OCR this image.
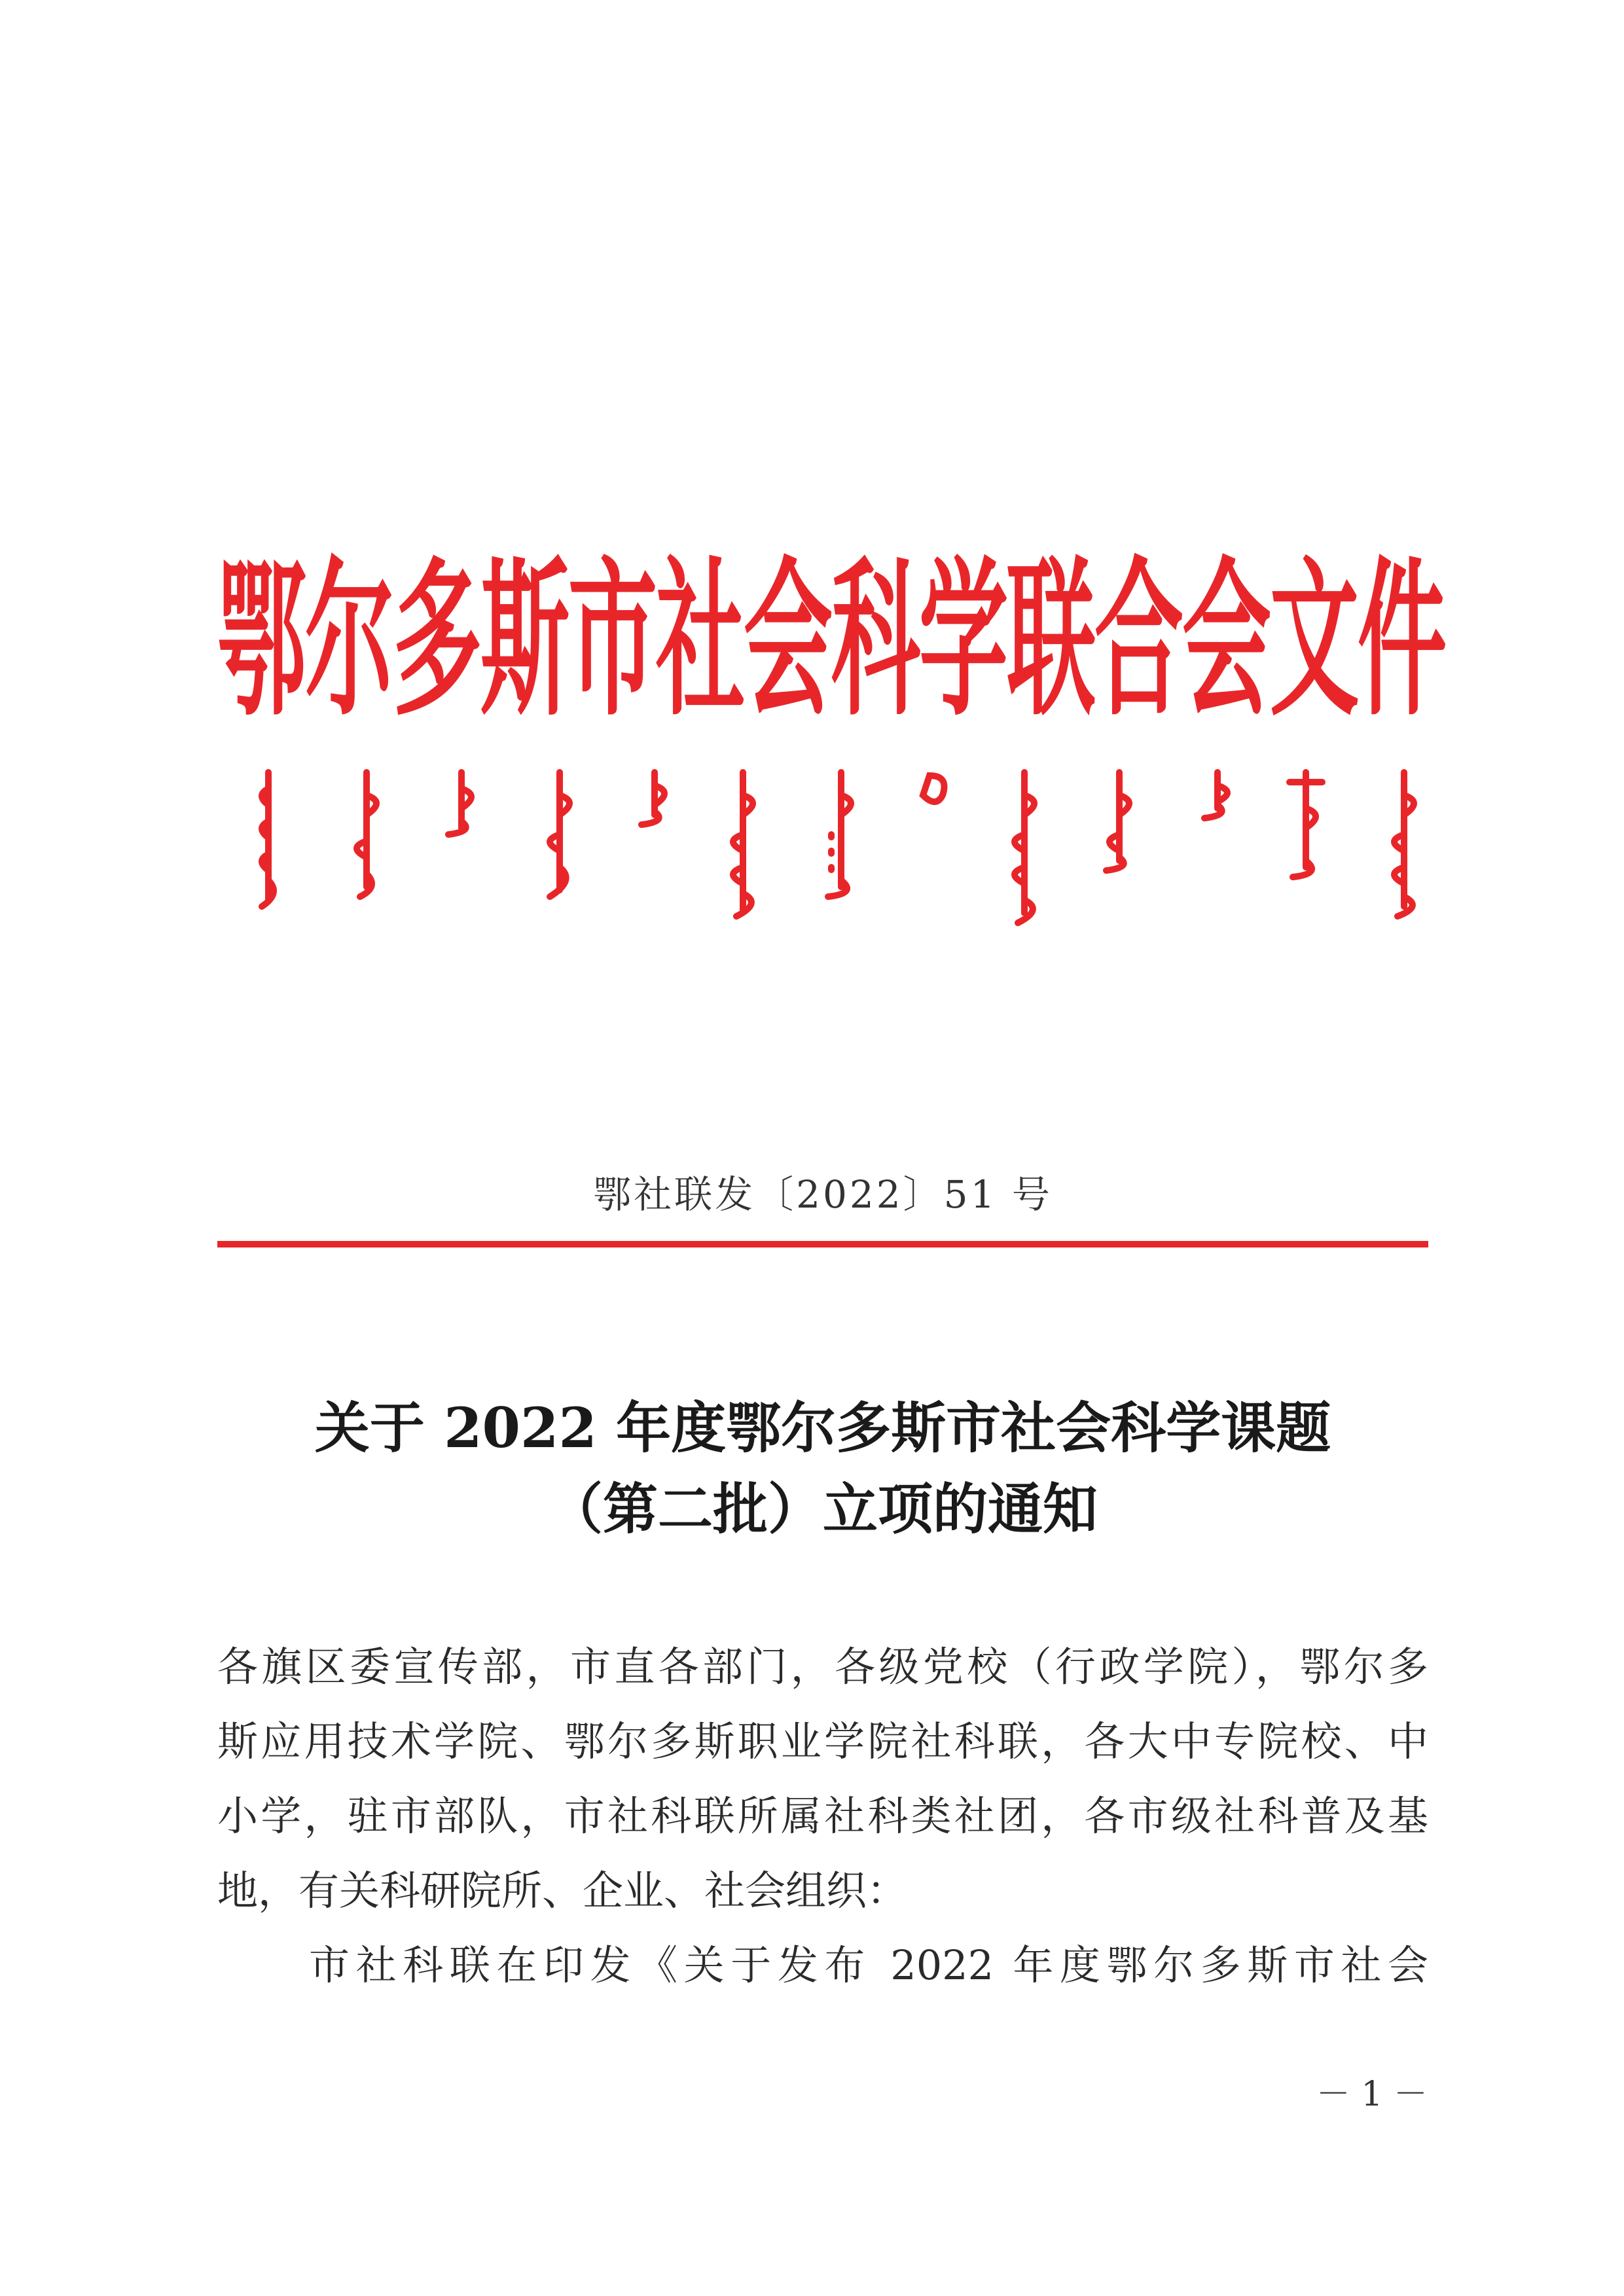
鄂尔多斯市社会科学联合会文件
鄂社联发〔2022〕51 号
关于 2022 年度鄂尔多斯市社会科学课题
（第二批）立项的通知
各旗区委宣传部，市直各部门，各级党校（行政学院），鄂尔多
斯应用技术学院、鄂尔多斯职业学院社科联，各大中专院校、中
小学，驻市部队，市社科联所属社科类社团，各市级社科普及基
地，有关科研院所、企业、社会组织：
市社科联在印发《关于发布 2022 年度鄂尔多斯市社会
－ 1 －
